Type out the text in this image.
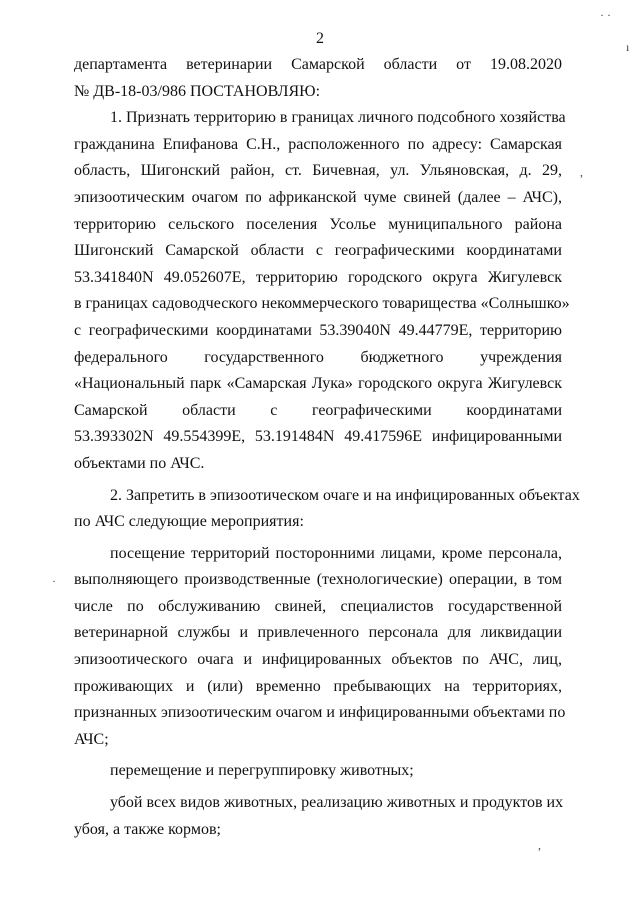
2
департамента ветеринарии Самарской области от 19.08.2020
№ ДВ-18-03/986 ПОСТАНОВЛЯЮ:
1. Признать территорию в границах личного подсобного хозяйства
гражданина Епифанова С.Н., расположенного по адресу: Самарская
область, Шигонский район, ст. Бичевная, ул. Ульяновская, д. 29,
эпизоотическим очагом по африканской чуме свиней (далее – АЧС),
территорию сельского поселения Усолье муниципального района
Шигонский Самарской области с географическими координатами
53.341840N 49.052607E, территорию городского округа Жигулевск
в границах садоводческого некоммерческого товарищества «Солнышко»
с географическими координатами 53.39040N 49.44779E, территорию
федерального государственного бюджетного учреждения
«Национальный парк «Самарская Лука» городского округа Жигулевск
Самарской области с географическими координатами
53.393302N 49.554399E, 53.191484N 49.417596E инфицированными
объектами по АЧС.
2. Запретить в эпизоотическом очаге и на инфицированных объектах
по АЧС следующие мероприятия:
посещение территорий посторонними лицами, кроме персонала,
выполняющего производственные (технологические) операции, в том
числе по обслуживанию свиней, специалистов государственной
ветеринарной службы и привлеченного персонала для ликвидации
эпизоотического очага и инфицированных объектов по АЧС, лиц,
проживающих и (или) временно пребывающих на территориях,
признанных эпизоотическим очагом и инфицированными объектами по
АЧС;
перемещение и перегруппировку животных;
убой всех видов животных, реализацию животных и продуктов их
убоя, а также кормов;
· ·
ı
,
·
,
